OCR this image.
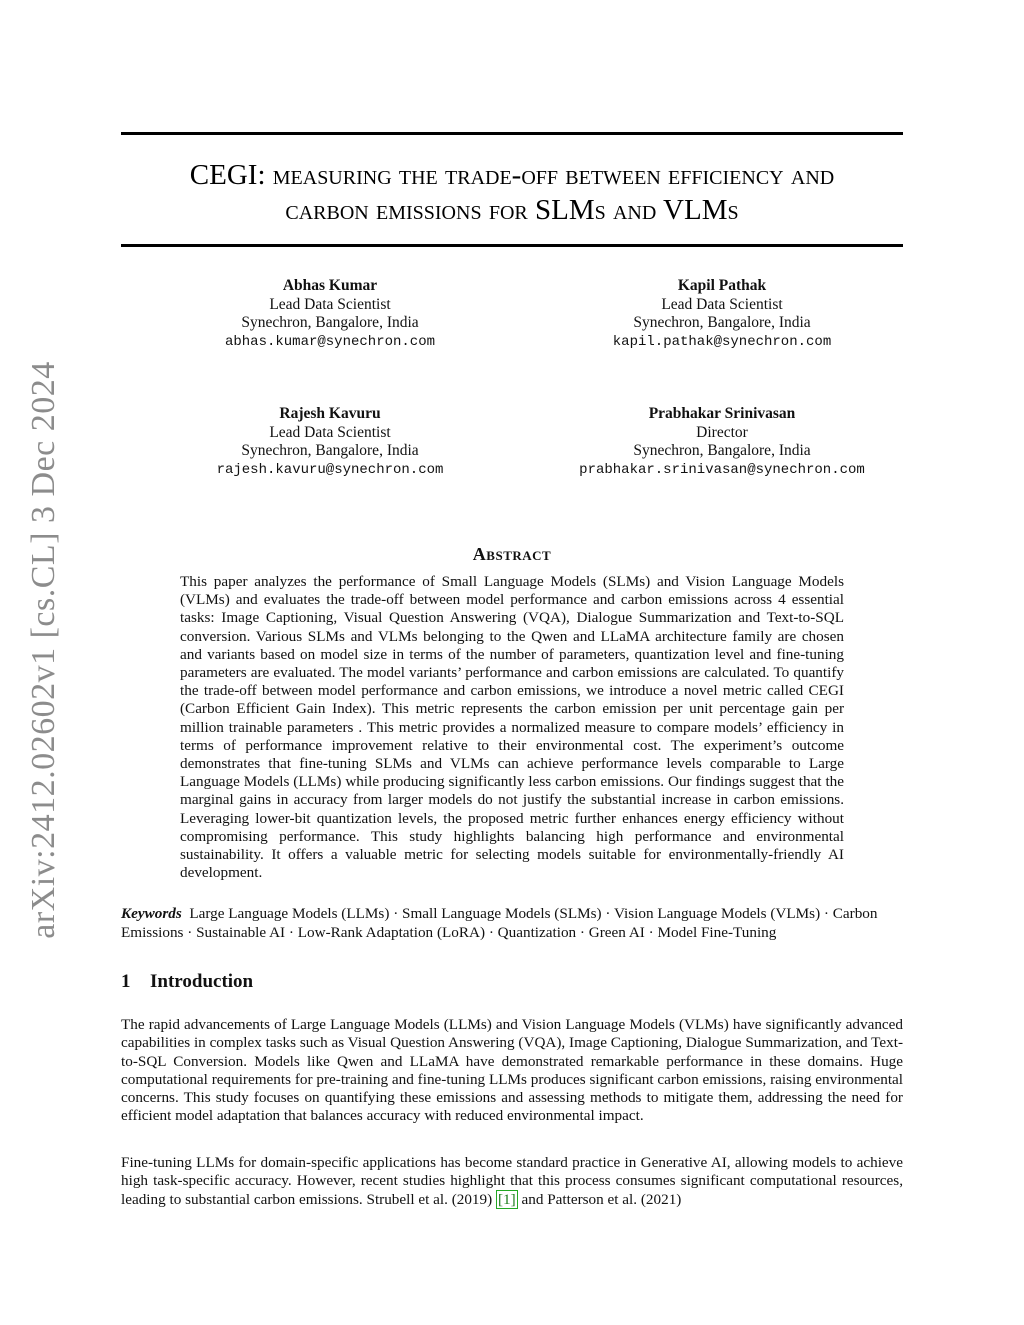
arXiv:2412.02602v1 [cs.CL] 3 Dec 2024
CEGI: measuring the trade-off between efficiency and
carbon emissions for SLMs and VLMs
Abhas Kumar
Lead Data Scientist
Synechron, Bangalore, India
abhas.kumar@synechron.com
Kapil Pathak
Lead Data Scientist
Synechron, Bangalore, India
kapil.pathak@synechron.com
Rajesh Kavuru
Lead Data Scientist
Synechron, Bangalore, India
rajesh.kavuru@synechron.com
Prabhakar Srinivasan
Director
Synechron, Bangalore, India
prabhakar.srinivasan@synechron.com
Abstract

This paper analyzes the performance of Small Language Models (SLMs) and Vision Language Models (VLMs) and evaluates the trade-off between model performance and carbon emissions across 4 essential tasks: Image Captioning, Visual Question Answering (VQA), Dialogue Summarization and Text-to-SQL conversion. Various SLMs and VLMs belonging to the Qwen and LLaMA architecture family are chosen and variants based on model size in terms of the number of parameters, quantization level and fine-tuning parameters are evaluated. The model variants’ performance and carbon emissions are calculated. To quantify the trade-off between model performance and carbon emissions, we introduce a novel metric called CEGI (Carbon Efficient Gain Index). This metric represents the carbon emission per unit percentage gain per million trainable parameters . This metric provides a normalized measure to compare models’ efficiency in terms of performance improvement relative to their environmental cost. The experiment’s outcome demonstrates that fine-tuning SLMs and VLMs can achieve performance levels comparable to Large Language Models (LLMs) while producing significantly less carbon emissions. Our findings suggest that the marginal gains in accuracy from larger models do not justify the substantial increase in carbon emissions. Leveraging lower-bit quantization levels, the proposed metric further enhances energy efficiency without compromising performance. This study highlights balancing high performance and environmental sustainability. It offers a valuable metric for selecting models suitable for environmentally-friendly AI development.

Keywords Large Language Models (LLMs) · Small Language Models (SLMs) · Vision Language Models (VLMs) · Carbon Emissions · Sustainable AI · Low-Rank Adaptation (LoRA) · Quantization · Green AI · Model Fine-Tuning

1 Introduction

The rapid advancements of Large Language Models (LLMs) and Vision Language Models (VLMs) have significantly advanced capabilities in complex tasks such as Visual Question Answering (VQA), Image Captioning, Dialogue Summarization, and Text-to-SQL Conversion. Models like Qwen and LLaMA have demonstrated remarkable performance in these domains. Huge computational requirements for pre-training and fine-tuning LLMs produces significant carbon emissions, raising environmental concerns. This study focuses on quantifying these emissions and assessing methods to mitigate them, addressing the need for efficient model adaptation that balances accuracy with reduced environmental impact.

Fine-tuning LLMs for domain-specific applications has become standard practice in Generative AI, allowing models to achieve high task-specific accuracy. However, recent studies highlight that this process consumes significant computational resources, leading to substantial carbon emissions. Strubell et al. (2019) [1] and Patterson et al. (2021)
